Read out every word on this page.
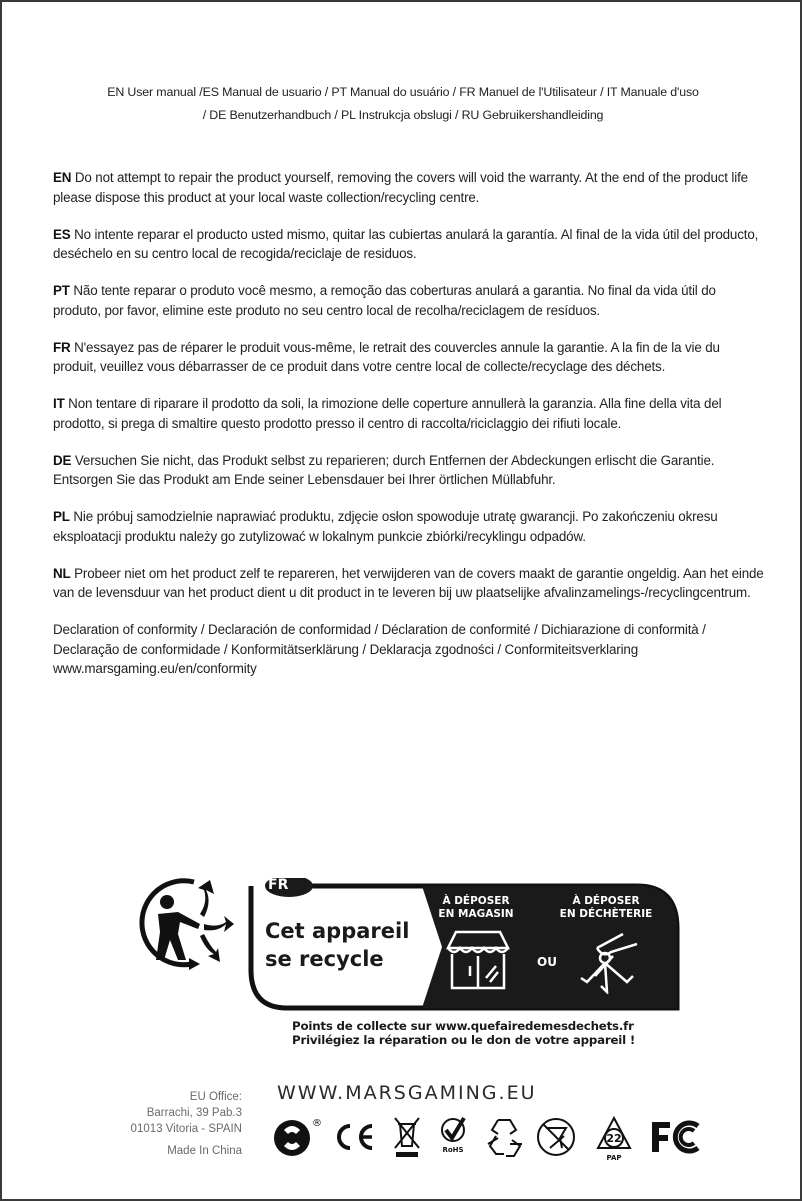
EN User manual /ES Manual de usuario / PT Manual do usuário / FR Manuel de l'Utilisateur / IT Manuale d'uso
/ DE Benutzerhandbuch / PL Instrukcja obslugi / RU Gebruikershandleiding

EN Do not attempt to repair the product yourself, removing the covers will void the warranty. At the end of the product life please dispose this product at your local waste collection/recycling centre.

ES No intente reparar el producto usted mismo, quitar las cubiertas anulará la garantía. Al final de la vida útil del producto, deséchelo en su centro local de recogida/reciclaje de residuos.

PT Não tente reparar o produto você mesmo, a remoção das coberturas anulará a garantia. No final da vida útil do produto, por favor, elimine este produto no seu centro local de recolha/reciclagem de resíduos.

FR N'essayez pas de réparer le produit vous-même, le retrait des couvercles annule la garantie. A la fin de la vie du produit, veuillez vous débarrasser de ce produit dans votre centre local de collecte/recyclage des déchets.

IT Non tentare di riparare il prodotto da soli, la rimozione delle coperture annullerà la garanzia. Alla fine della vita del prodotto, si prega di smaltire questo prodotto presso il centro di raccolta/riciclaggio dei rifiuti locale.

DE Versuchen Sie nicht, das Produkt selbst zu reparieren; durch Entfernen der Abdeckungen erlischt die Garantie. Entsorgen Sie das Produkt am Ende seiner Lebensdauer bei Ihrer örtlichen Müllabfuhr.

PL Nie próbuj samodzielnie naprawiać produktu, zdjęcie osłon spowoduje utratę gwarancji. Po zakończeniu okresu eksploatacji produktu należy go zutylizować w lokalnym punkcie zbiórki/recyklingu odpadów.

NL Probeer niet om het product zelf te repareren, het verwijderen van de covers maakt de garantie ongeldig. Aan het einde van de levensduur van het product dient u dit product in te leveren bij uw plaatselijke afvalinzamelings-/recyclingcentrum.

Declaration of conformity / Declaración de conformidad / Déclaration de conformité / Dichiarazione di conformità / Declaração de conformidade / Konformitätserklärung / Deklaracja zgodności / Conformiteitsverklaring www.marsgaming.eu/en/conformity

FR
Cet appareil
se recycle
À DÉPOSER
EN MAGASIN
À DÉPOSER
EN DÉCHÈTERIE
OU
Points de collecte sur www.quefairedemesdechets.fr
Privilégiez la réparation ou le don de votre appareil !
EU Office:
Barrachi, 39 Pab.3
01013 Vitoria - SPAIN
Made In China
WWW.MARSGAMING.EU
®
RoHS
22
PAP
